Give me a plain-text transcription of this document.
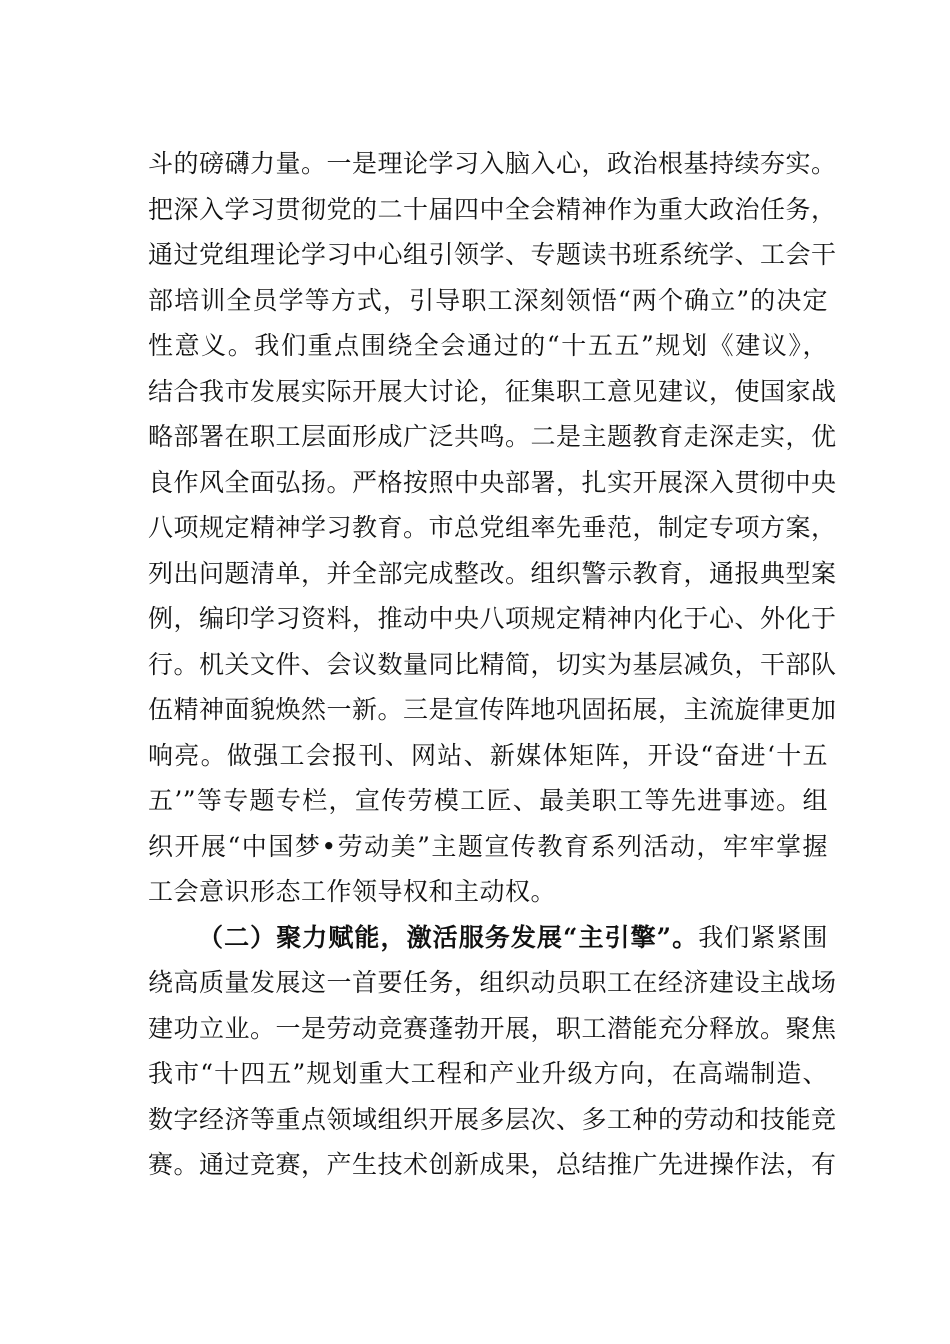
斗的磅礴力量。一是理论学习入脑入心，政治根基持续夯实。
把深入学习贯彻党的二十届四中全会精神作为重大政治任务，
通过党组理论学习中心组引领学、专题读书班系统学、工会干
部培训全员学等方式，引导职工深刻领悟“两个确立”的决定
性意义。我们重点围绕全会通过的“十五五”规划《建议》，
结合我市发展实际开展大讨论，征集职工意见建议，使国家战
略部署在职工层面形成广泛共鸣。二是主题教育走深走实，优
良作风全面弘扬。严格按照中央部署，扎实开展深入贯彻中央
八项规定精神学习教育。市总党组率先垂范，制定专项方案，
列出问题清单，并全部完成整改。组织警示教育，通报典型案
例，编印学习资料，推动中央八项规定精神内化于心、外化于
行。机关文件、会议数量同比精简，切实为基层减负，干部队
伍精神面貌焕然一新。三是宣传阵地巩固拓展，主流旋律更加
响亮。做强工会报刊、网站、新媒体矩阵，开设“奋进‘十五
五’”等专题专栏，宣传劳模工匠、最美职工等先进事迹。组
织开展“中国梦•劳动美”主题宣传教育系列活动，牢牢掌握
工会意识形态工作领导权和主动权。
（二）聚力赋能，激活服务发展“主引擎”。我们紧紧围
绕高质量发展这一首要任务，组织动员职工在经济建设主战场
建功立业。一是劳动竞赛蓬勃开展，职工潜能充分释放。聚焦
我市“十四五”规划重大工程和产业升级方向，在高端制造、
数字经济等重点领域组织开展多层次、多工种的劳动和技能竞
赛。通过竞赛，产生技术创新成果，总结推广先进操作法，有
